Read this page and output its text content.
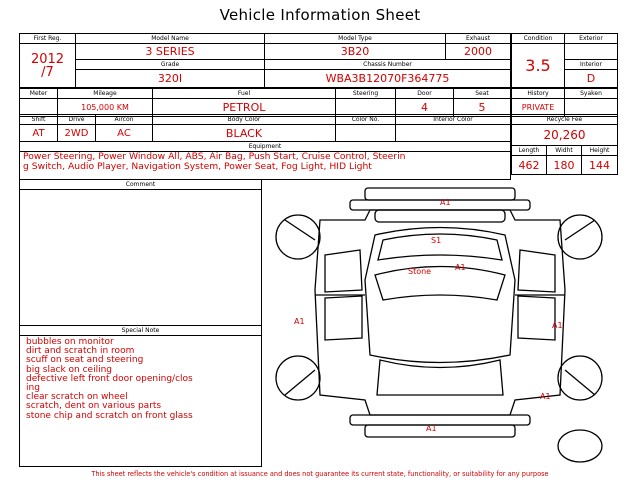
Vehicle Information Sheet
First Reg.	Model Name	Model Type	Exhaust

2012
/7	3 SERIES	3B20	2000
	Grade	Chassis Number	
	320I	WBA3B12070F364775	
Condition	Exterior
3.5	
	Interior
	D
Meter	Mileage	Fuel	Steering	Door	Seat
	105,000 KM	PETROL		4	5
History	Syaken
PRIVATE	
Shift	Drive	Aircon	Body Color	Color No.	Interior Color
AT	2WD	AC	BLACK		
Equipment					

Power Steering, Power Window All, ABS, Air Bag, Push Start, Cruise Control, Steerin
g Switch, Audio Player, Navigation System, Power Seat, Fog Light, HID Light					
Recycle Fee		
20,260		
Length	Widht	Height
462	180	144
Comment
Special Note
bubbles on monitor
dirt and scratch in room
scuff on seat and steering
big slack on ceiling
defective left front door opening/clos
ing
clear scratch on wheel
scratch, dent on various parts
stone chip and scratch on front glass
A1
S1
Stone	A1
A1	A1
A1
A1
This sheet reflects the vehicle's condition at issuance and does not guarantee its current state, functionality, or suitability for any purpose
